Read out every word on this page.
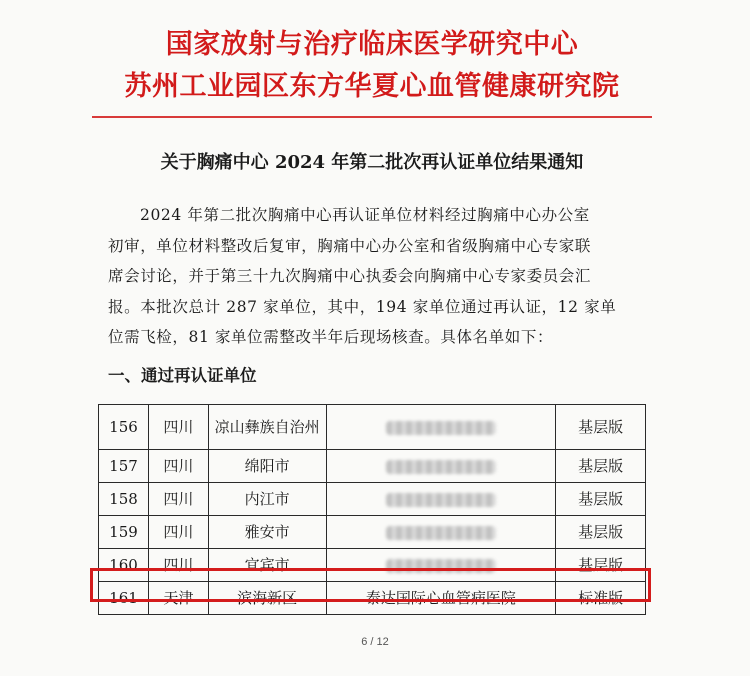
国家放射与治疗临床医学研究中心
苏州工业园区东方华夏心血管健康研究院
关于胸痛中心 2024 年第二批次再认证单位结果通知
2024 年第二批次胸痛中心再认证单位材料经过胸痛中心办公室
初审，单位材料整改后复审，胸痛中心办公室和省级胸痛中心专家联
席会讨论，并于第三十九次胸痛中心执委会向胸痛中心专家委员会汇
报。本批次总计 287 家单位，其中，194 家单位通过再认证，12 家单
位需飞检，81 家单位需整改半年后现场核查。具体名单如下：
一、通过再认证单位
156	四川	凉山彝族自治州		基层版
157	四川	绵阳市		基层版
158	四川	内江市		基层版
159	四川	雅安市		基层版
160	四川	宜宾市		基层版
161	天津	滨海新区	泰达国际心血管病医院	标准版
6 / 12
